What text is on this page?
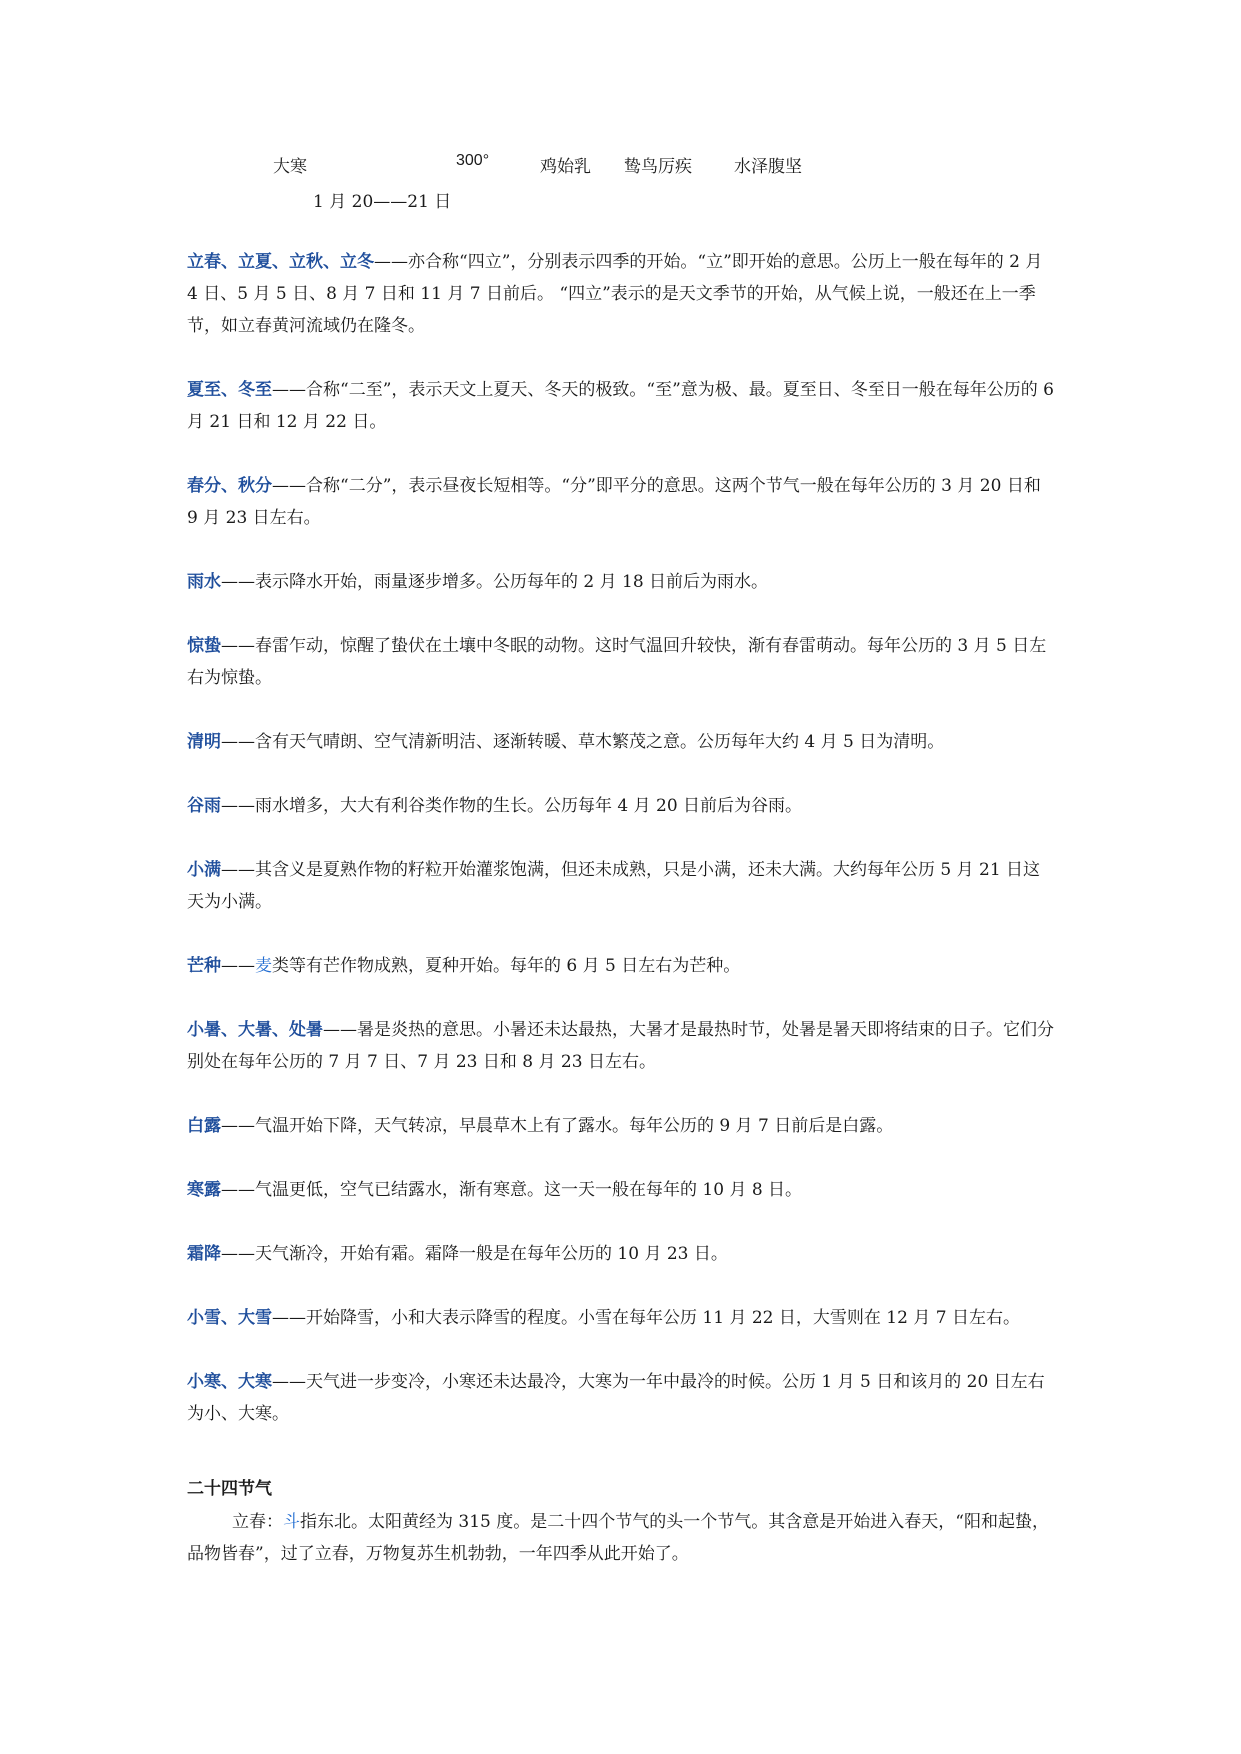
大寒	300°	鸡始乳 鸷鸟厉疾 水泽腹坚
1 月 20——21 日

立春、立夏、立秋、立冬——亦合称“四立”，分别表示四季的开始。“立”即开始的意思。公历上一般在每年的 2 月 4 日、5 月 5 日、8 月 7 日和 11 月 7 日前后。 “四立”表示的是天文季节的开始，从气候上说，一般还在上一季节，如立春黄河流域仍在隆冬。

夏至、冬至——合称“二至”，表示天文上夏天、冬天的极致。“至”意为极、最。夏至日、冬至日一般在每年公历的 6 月 21 日和 12 月 22 日。

春分、秋分——合称“二分”，表示昼夜长短相等。“分”即平分的意思。这两个节气一般在每年公历的 3 月 20 日和 9 月 23 日左右。

雨水——表示降水开始，雨量逐步增多。公历每年的 2 月 18 日前后为雨水。

惊蛰——春雷乍动，惊醒了蛰伏在土壤中冬眠的动物。这时气温回升较快，渐有春雷萌动。每年公历的 3 月 5 日左右为惊蛰。

清明——含有天气晴朗、空气清新明洁、逐渐转暖、草木繁茂之意。公历每年大约 4 月 5 日为清明。

谷雨——雨水增多，大大有利谷类作物的生长。公历每年 4 月 20 日前后为谷雨。

小满——其含义是夏熟作物的籽粒开始灌浆饱满，但还未成熟，只是小满，还未大满。大约每年公历 5 月 21 日这天为小满。

芒种——麦类等有芒作物成熟，夏种开始。每年的 6 月 5 日左右为芒种。

小暑、大暑、处暑——暑是炎热的意思。小暑还未达最热，大暑才是最热时节，处暑是暑天即将结束的日子。它们分别处在每年公历的 7 月 7 日、7 月 23 日和 8 月 23 日左右。

白露——气温开始下降，天气转凉，早晨草木上有了露水。每年公历的 9 月 7 日前后是白露。

寒露——气温更低，空气已结露水，渐有寒意。这一天一般在每年的 10 月 8 日。

霜降——天气渐冷，开始有霜。霜降一般是在每年公历的 10 月 23 日。

小雪、大雪——开始降雪，小和大表示降雪的程度。小雪在每年公历 11 月 22 日，大雪则在 12 月 7 日左右。

小寒、大寒——天气进一步变冷，小寒还未达最冷，大寒为一年中最冷的时候。公历 1 月 5 日和该月的 20 日左右为小、大寒。

二十四节气

立春：斗指东北。太阳黄经为 315 度。是二十四个节气的头一个节气。其含意是开始进入春天，“阳和起蛰，品物皆春”，过了立春，万物复苏生机勃勃，一年四季从此开始了。
